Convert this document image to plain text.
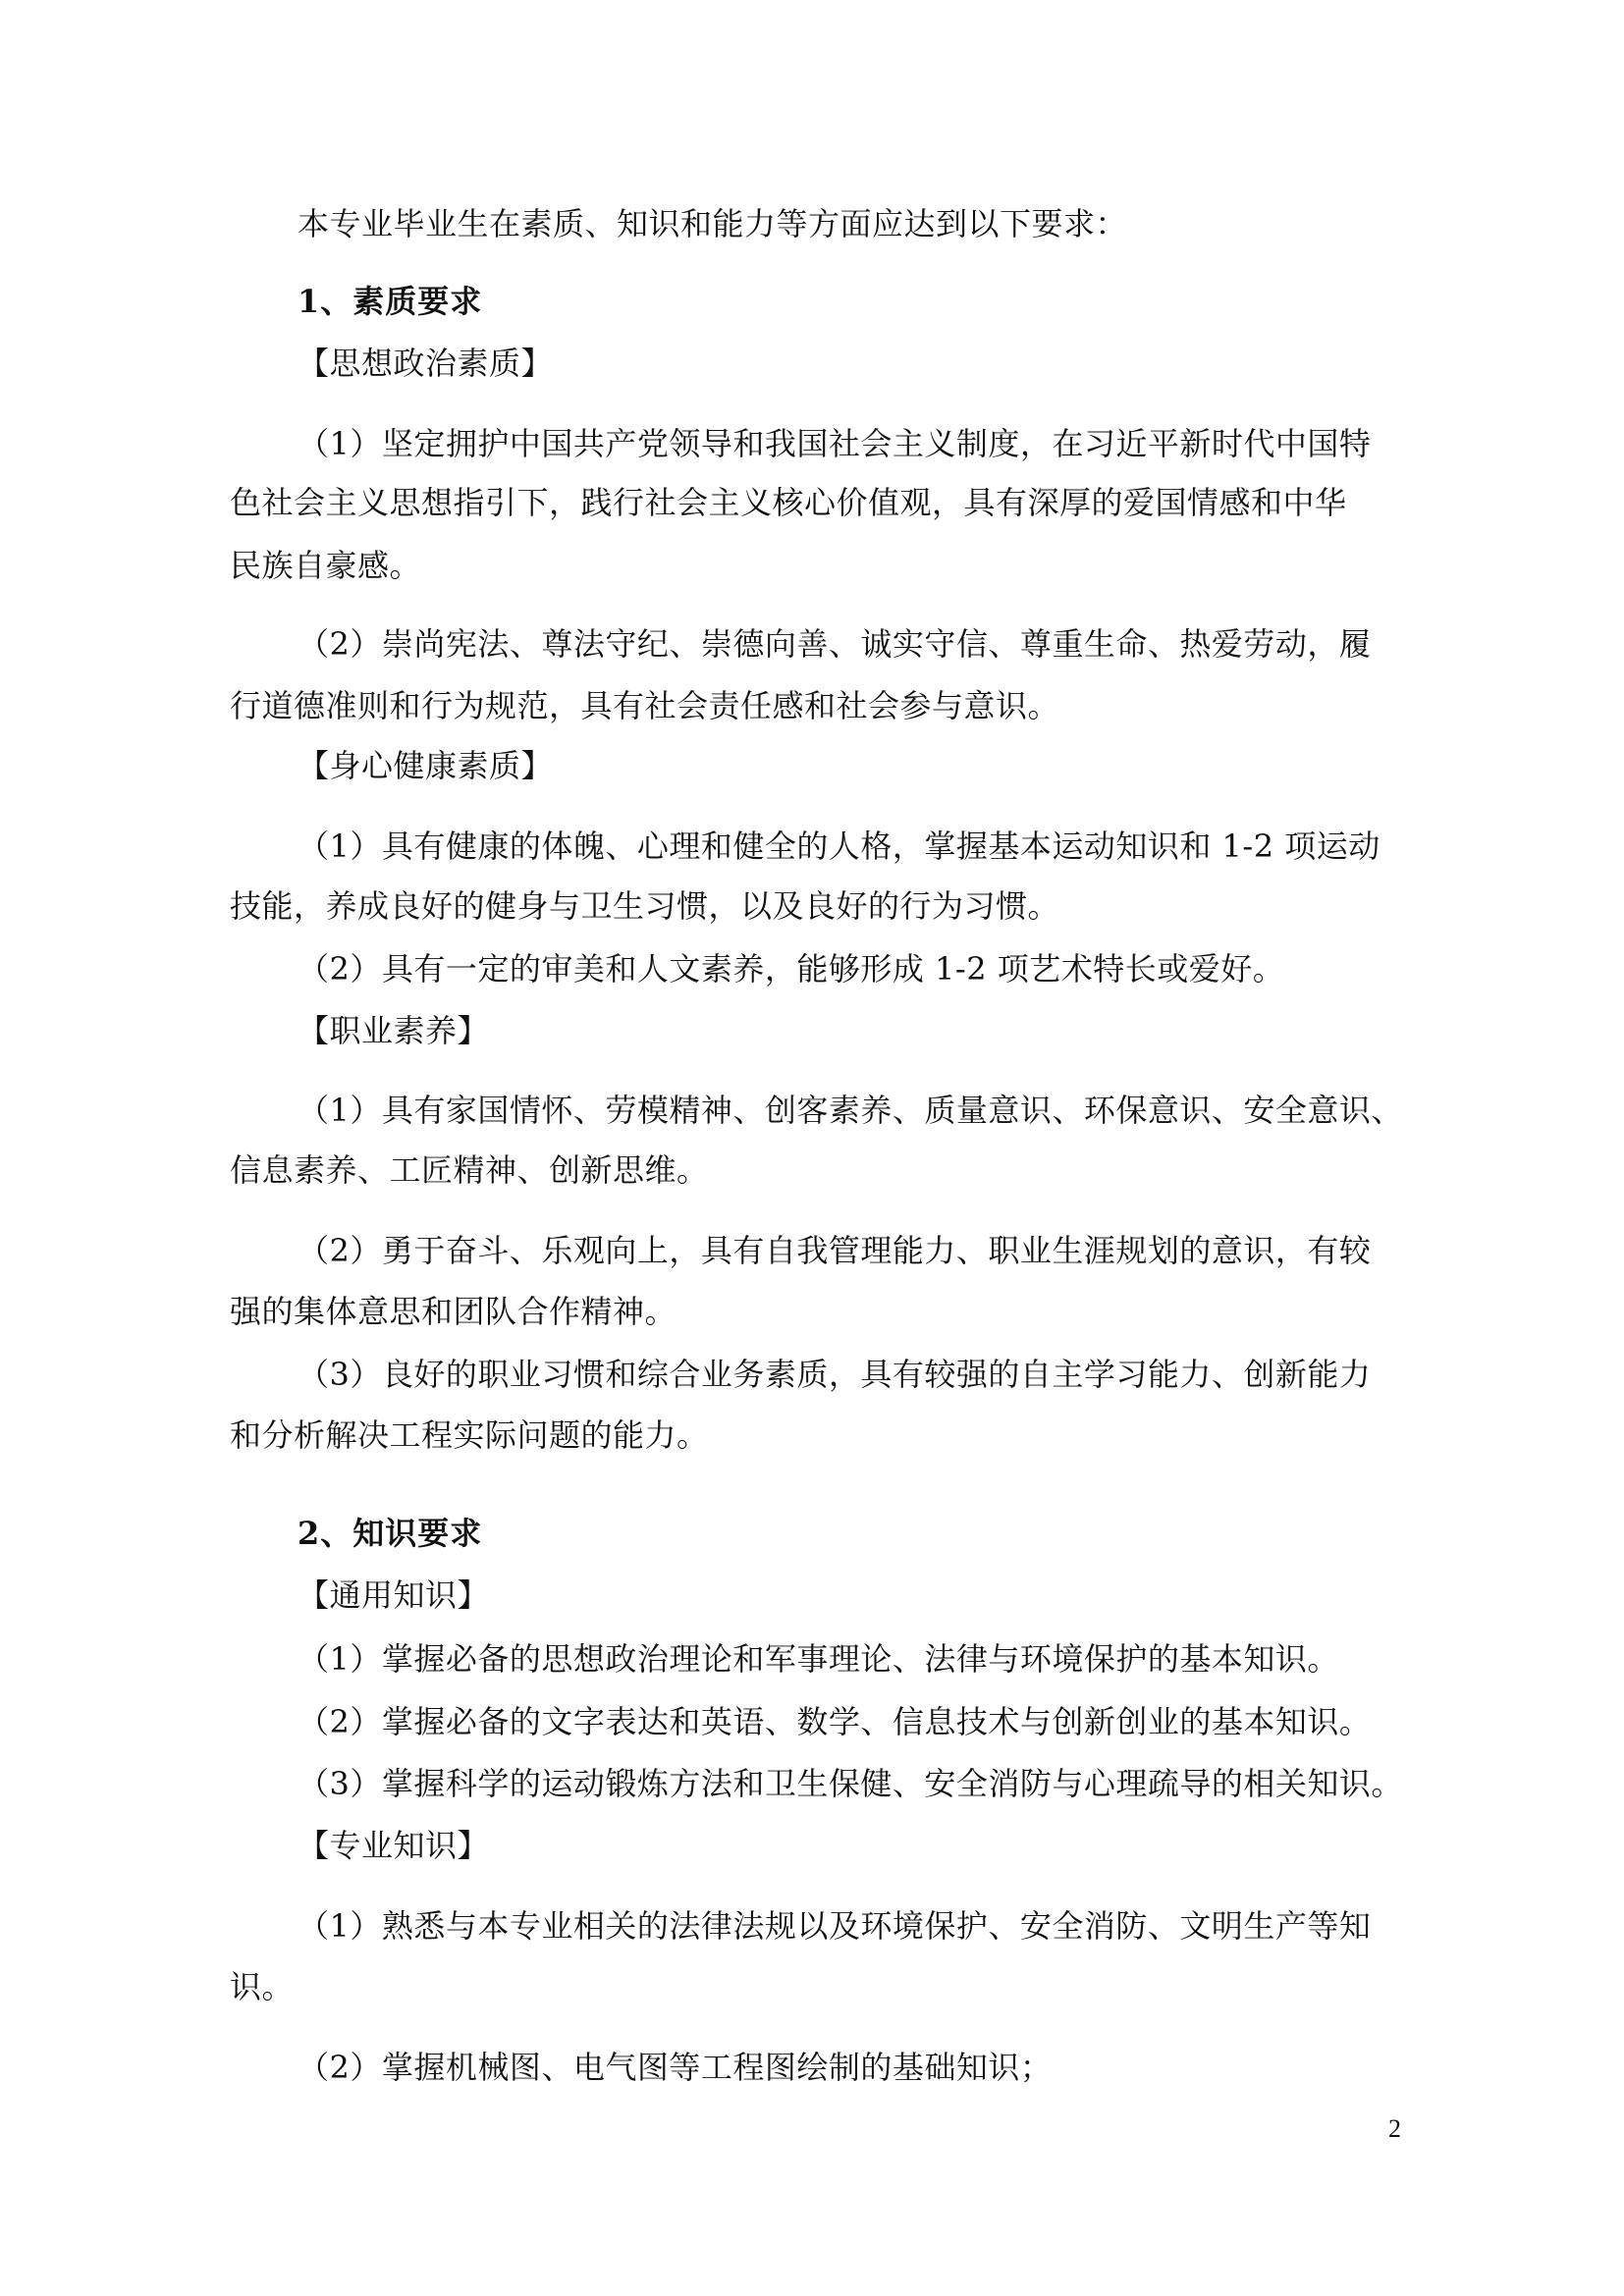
本专业毕业生在素质、知识和能力等方面应达到以下要求：
1、素质要求
【思想政治素质】
（1）坚定拥护中国共产党领导和我国社会主义制度，在习近平新时代中国特
色社会主义思想指引下，践行社会主义核心价值观，具有深厚的爱国情感和中华
民族自豪感。
（2）崇尚宪法、尊法守纪、崇德向善、诚实守信、尊重生命、热爱劳动，履
行道德准则和行为规范，具有社会责任感和社会参与意识。
【身心健康素质】
（1）具有健康的体魄、心理和健全的人格，掌握基本运动知识和 1-2 项运动
技能，养成良好的健身与卫生习惯，以及良好的行为习惯。
（2）具有一定的审美和人文素养，能够形成 1-2 项艺术特长或爱好。
【职业素养】
（1）具有家国情怀、劳模精神、创客素养、质量意识、环保意识、安全意识、
信息素养、工匠精神、创新思维。
（2）勇于奋斗、乐观向上，具有自我管理能力、职业生涯规划的意识，有较
强的集体意思和团队合作精神。
（3）良好的职业习惯和综合业务素质，具有较强的自主学习能力、创新能力
和分析解决工程实际问题的能力。
2、知识要求
【通用知识】
（1）掌握必备的思想政治理论和军事理论、法律与环境保护的基本知识。
（2）掌握必备的文字表达和英语、数学、信息技术与创新创业的基本知识。
（3）掌握科学的运动锻炼方法和卫生保健、安全消防与心理疏导的相关知识。
【专业知识】
（1）熟悉与本专业相关的法律法规以及环境保护、安全消防、文明生产等知
识。
（2）掌握机械图、电气图等工程图绘制的基础知识；
2
